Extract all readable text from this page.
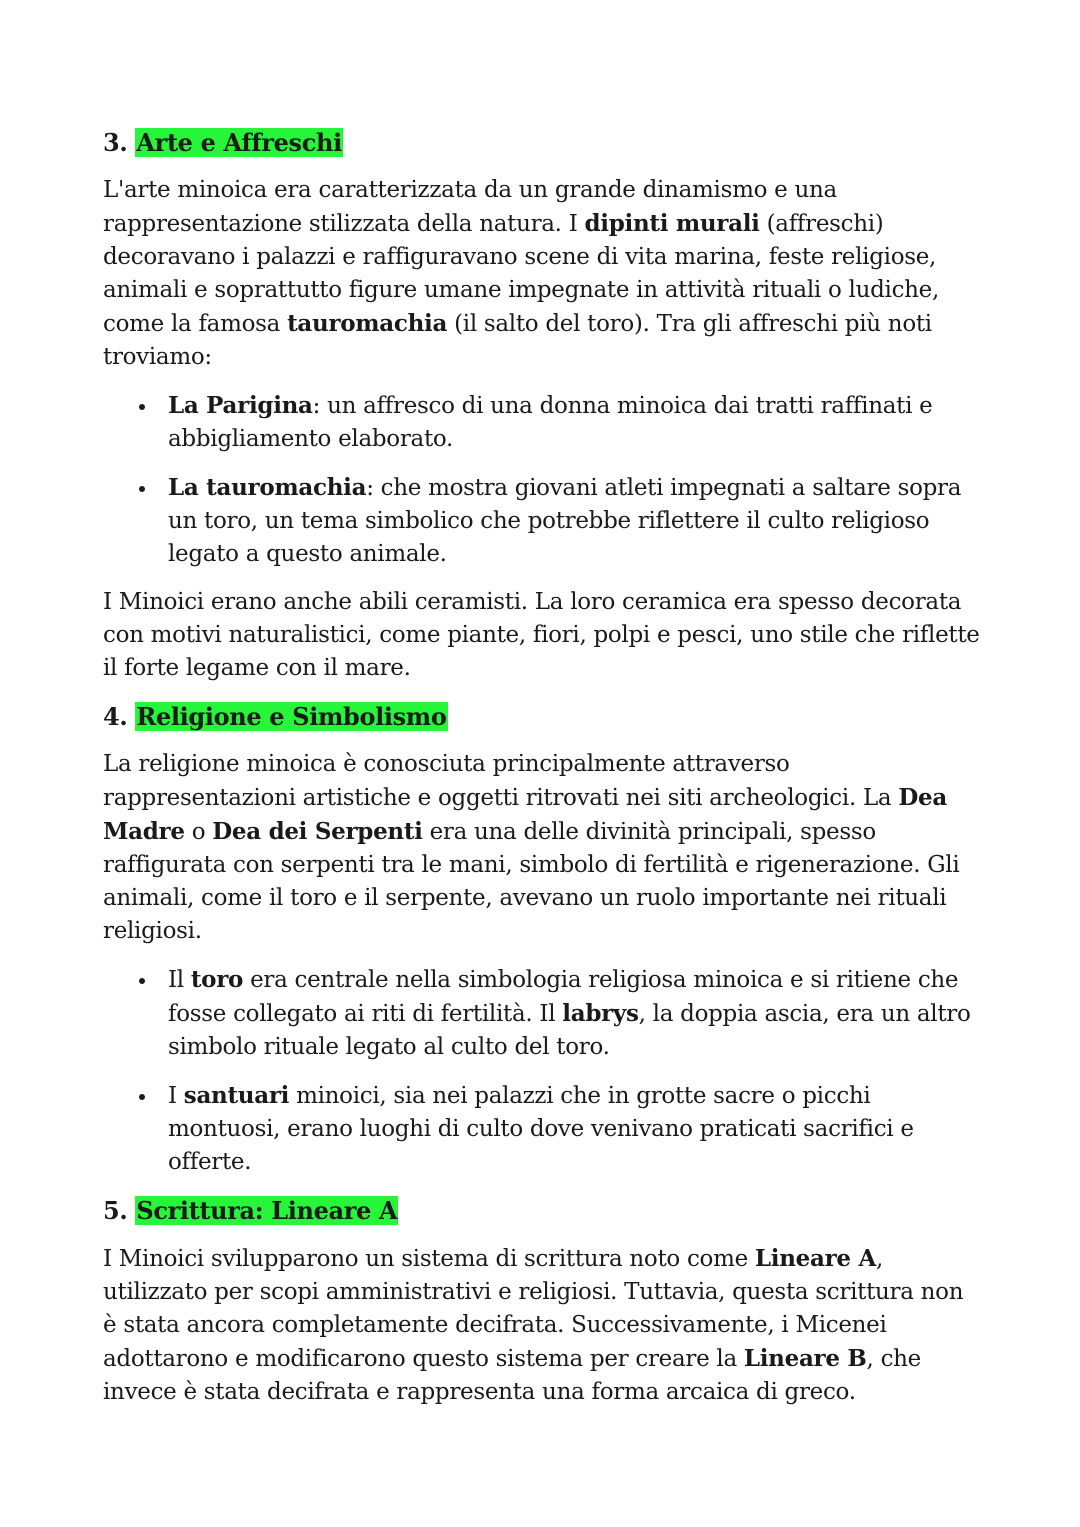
3. Arte e Affreschi

L'arte minoica era caratterizzata da un grande dinamismo e una rappresentazione stilizzata della natura. I dipinti murali (affreschi) decoravano i palazzi e raffiguravano scene di vita marina, feste religiose, animali e soprattutto figure umane impegnate in attività rituali o ludiche, come la famosa tauromachia (il salto del toro). Tra gli affreschi più noti troviamo:

La Parigina: un affresco di una donna minoica dai tratti raffinati e abbigliamento elaborato.
La tauromachia: che mostra giovani atleti impegnati a saltare sopra un toro, un tema simbolico che potrebbe riflettere il culto religioso legato a questo animale.

I Minoici erano anche abili ceramisti. La loro ceramica era spesso decorata con motivi naturalistici, come piante, fiori, polpi e pesci, uno stile che riflette il forte legame con il mare.

4. Religione e Simbolismo

La religione minoica è conosciuta principalmente attraverso rappresentazioni artistiche e oggetti ritrovati nei siti archeologici. La Dea Madre o Dea dei Serpenti era una delle divinità principali, spesso raffigurata con serpenti tra le mani, simbolo di fertilità e rigenerazione. Gli animali, come il toro e il serpente, avevano un ruolo importante nei rituali religiosi.

Il toro era centrale nella simbologia religiosa minoica e si ritiene che fosse collegato ai riti di fertilità. Il labrys, la doppia ascia, era un altro simbolo rituale legato al culto del toro.
I santuari minoici, sia nei palazzi che in grotte sacre o picchi montuosi, erano luoghi di culto dove venivano praticati sacrifici e offerte.
5. Scrittura: Lineare A

I Minoici svilupparono un sistema di scrittura noto come Lineare A, utilizzato per scopi amministrativi e religiosi. Tuttavia, questa scrittura non è stata ancora completamente decifrata. Successivamente, i Micenei adottarono e modificarono questo sistema per creare la Lineare B, che invece è stata decifrata e rappresenta una forma arcaica di greco.
